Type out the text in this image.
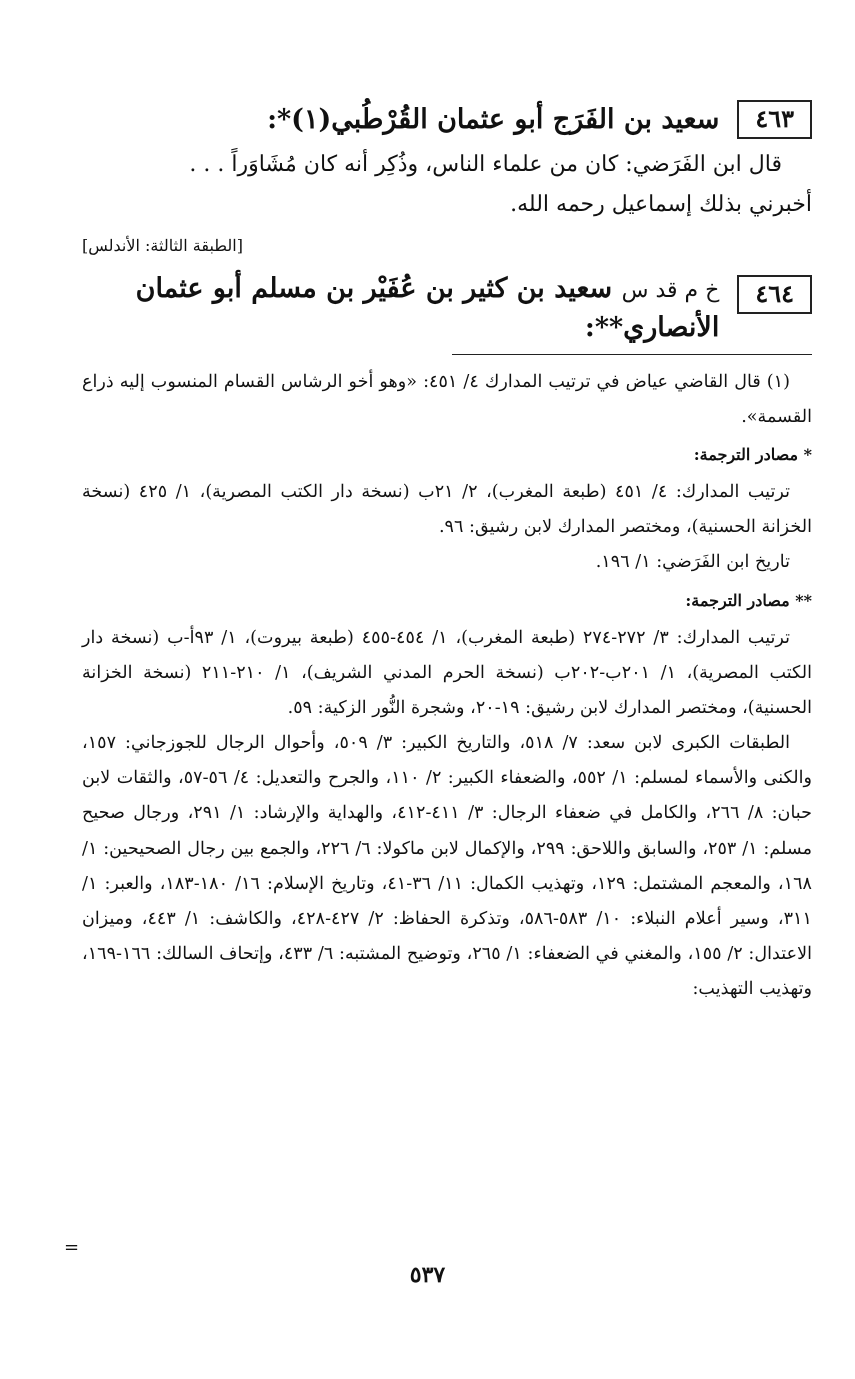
٤٦٣
سعيد بن الفَرَج أبو عثمان القُرْطُبي(١)*:

قال ابن الفَرَضي: كان من علماء الناس، وذُكِر أنه كان مُشَاوَراً . . .

أخبرني بذلك إسماعيل رحمه الله.

[الطبقة الثالثة: الأندلس]
٤٦٤
خ م قد س سعيد بن كثير بن عُفَيْر بن مسلم أبو عثمان الأنصاري**:

(١) قال القاضي عياض في ترتيب المدارك ٤/ ٤٥١: «وهو أخو الرشاس القسام المنسوب إليه ذراع القسمة».

* مصادر الترجمة:

ترتيب المدارك: ٤/ ٤٥١ (طبعة المغرب)، ٢/ ٢١ب (نسخة دار الكتب المصرية)، ١/ ٤٢٥ (نسخة الخزانة الحسنية)، ومختصر المدارك لابن رشيق: ٩٦.

تاريخ ابن الفَرَضي: ١/ ١٩٦.

** مصادر الترجمة:

ترتيب المدارك: ٣/ ٢٧٢-٢٧٤ (طبعة المغرب)، ١/ ٤٥٤-٤٥٥ (طبعة بيروت)، ١/ ٩٣أ-ب (نسخة دار الكتب المصرية)، ١/ ٢٠١ب-٢٠٢ب (نسخة الحرم المدني الشريف)، ١/ ٢١٠-٢١١ (نسخة الخزانة الحسنية)، ومختصر المدارك لابن رشيق: ١٩-٢٠، وشجرة النُّور الزكية: ٥٩.

الطبقات الكبرى لابن سعد: ٧/ ٥١٨، والتاريخ الكبير: ٣/ ٥٠٩، وأحوال الرجال للجوزجاني: ١٥٧، والكنى والأسماء لمسلم: ١/ ٥٥٢، والضعفاء الكبير: ٢/ ١١٠، والجرح والتعديل: ٤/ ٥٦-٥٧، والثقات لابن حبان: ٨/ ٢٦٦، والكامل في ضعفاء الرجال: ٣/ ٤١١-٤١٢، والهداية والإرشاد: ١/ ٢٩١، ورجال صحيح مسلم: ١/ ٢٥٣، والسابق واللاحق: ٢٩٩، والإكمال لابن ماكولا: ٦/ ٢٢٦، والجمع بين رجال الصحيحين: ١/ ١٦٨، والمعجم المشتمل: ١٢٩، وتهذيب الكمال: ١١/ ٣٦-٤١، وتاريخ الإسلام: ١٦/ ١٨٠-١٨٣، والعبر: ١/ ٣١١، وسير أعلام النبلاء: ١٠/ ٥٨٣-٥٨٦، وتذكرة الحفاظ: ٢/ ٤٢٧-٤٢٨، والكاشف: ١/ ٤٤٣، وميزان الاعتدال: ٢/ ١٥٥، والمغني في الضعفاء: ١/ ٢٦٥، وتوضيح المشتبه: ٦/ ٤٣٣، وإتحاف السالك: ١٦٦-١٦٩، وتهذيب التهذيب:

=
٥٣٧
